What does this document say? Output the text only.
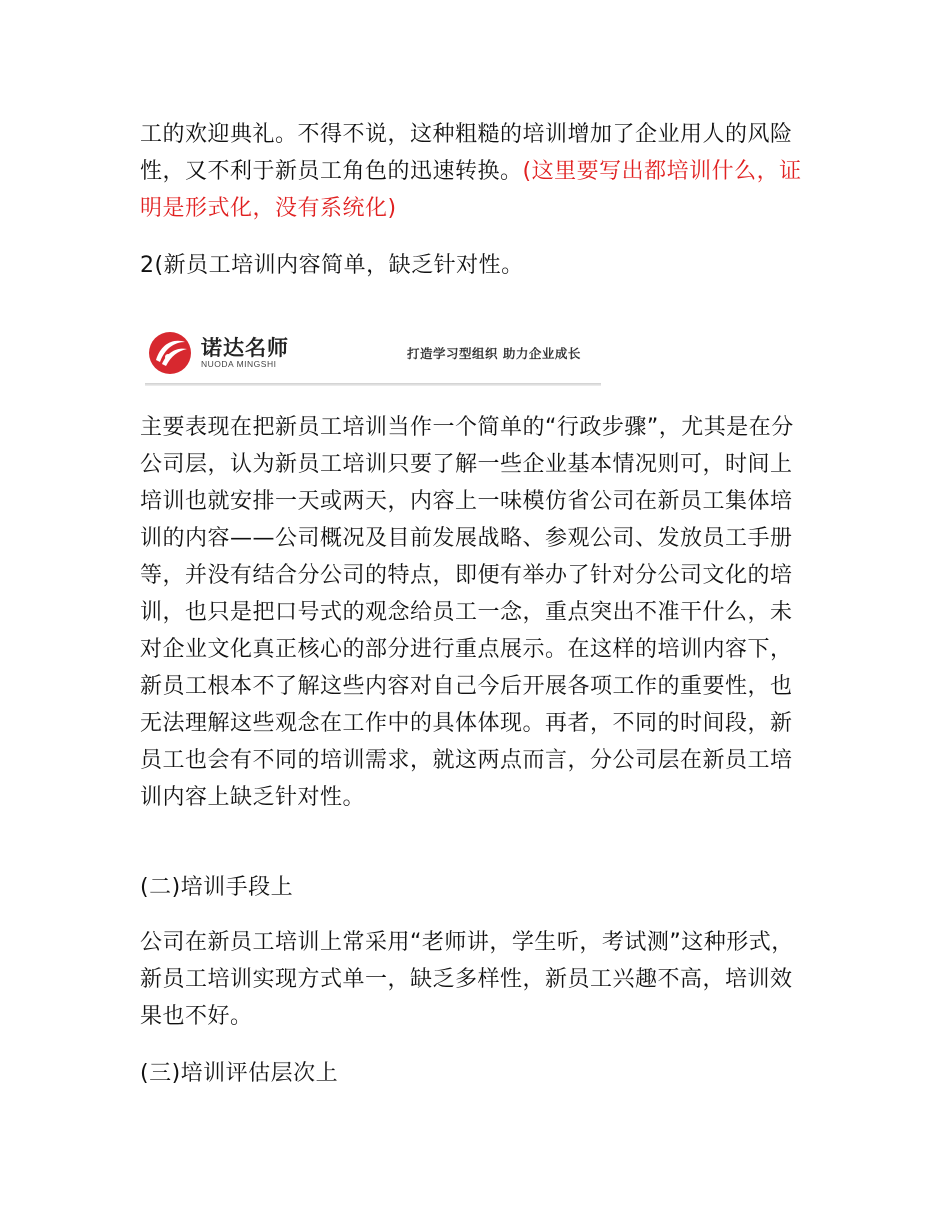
工的欢迎典礼。不得不说，这种粗糙的培训增加了企业用人的风险性，又不利于新员工角色的迅速转换。(这里要写出都培训什么，证明是形式化，没有系统化)

2(新员工培训内容简单，缺乏针对性。

诺达名师
NUODA MINGSHI
打造学习型组织 助力企业成长

主要表现在把新员工培训当作一个简单的“行政步骤”，尤其是在分公司层，认为新员工培训只要了解一些企业基本情况则可，时间上培训也就安排一天或两天，内容上一味模仿省公司在新员工集体培训的内容——公司概况及目前发展战略、参观公司、发放员工手册等，并没有结合分公司的特点，即便有举办了针对分公司文化的培训，也只是把口号式的观念给员工一念，重点突出不准干什么，未对企业文化真正核心的部分进行重点展示。在这样的培训内容下，新员工根本不了解这些内容对自己今后开展各项工作的重要性，也无法理解这些观念在工作中的具体体现。再者，不同的时间段，新员工也会有不同的培训需求，就这两点而言，分公司层在新员工培训内容上缺乏针对性。

(二)培训手段上

公司在新员工培训上常采用“老师讲，学生听，考试测”这种形式，新员工培训实现方式单一，缺乏多样性，新员工兴趣不高，培训效果也不好。

(三)培训评估层次上
